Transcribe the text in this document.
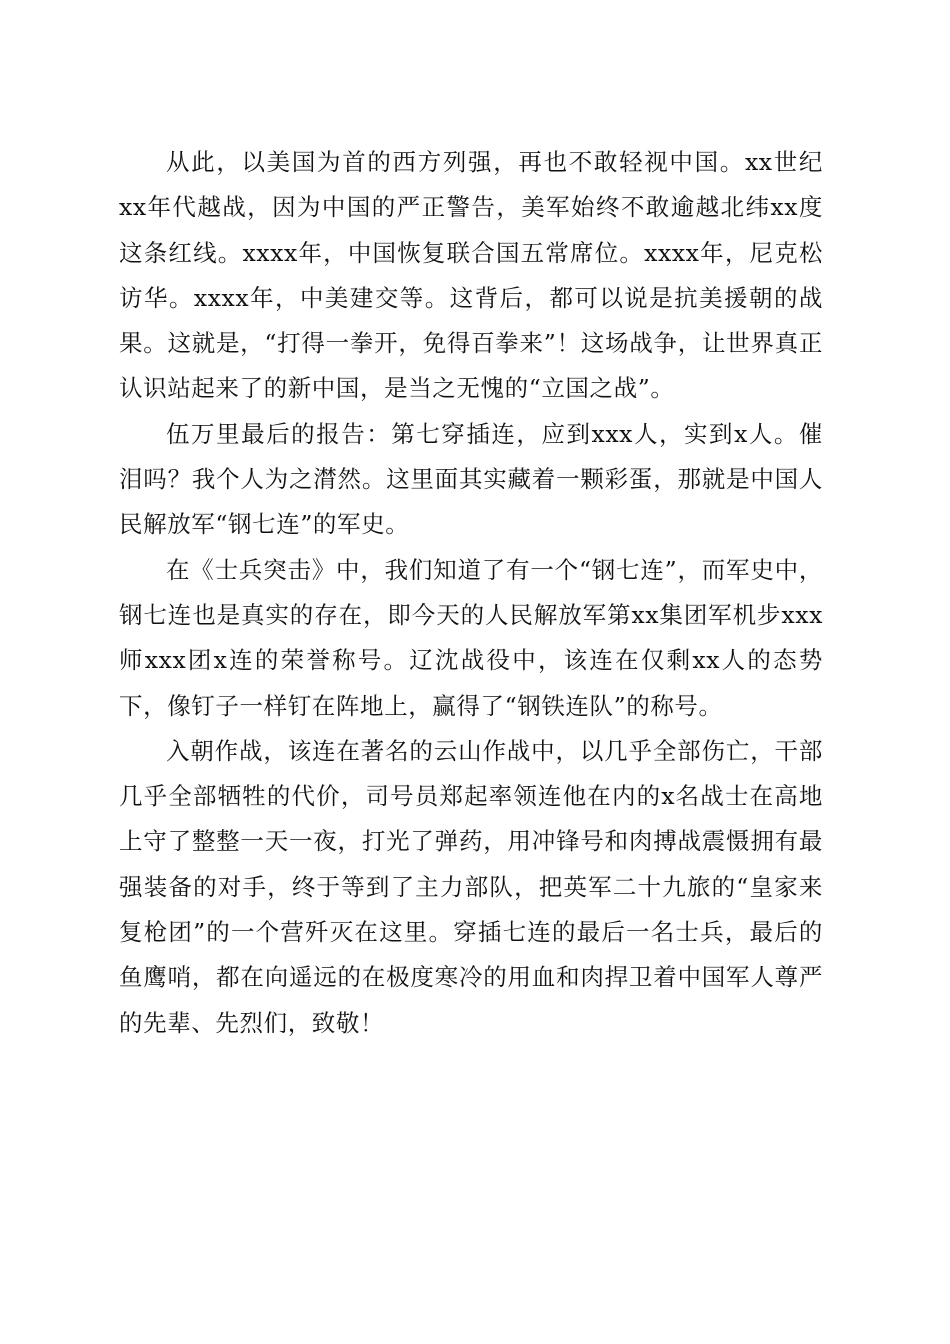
从此，以美国为首的西方列强，再也不敢轻视中国。xx世纪xx年代越战，因为中国的严正警告，美军始终不敢逾越北纬xx度这条红线。xxxx年，中国恢复联合国五常席位。xxxx年，尼克松访华。xxxx年，中美建交等。这背后，都可以说是抗美援朝的战果。这就是，“打得一拳开，免得百拳来”！这场战争，让世界真正认识站起来了的新中国，是当之无愧的“立国之战”。

伍万里最后的报告：第七穿插连，应到xxx人，实到x人。催泪吗？我个人为之潸然。这里面其实藏着一颗彩蛋，那就是中国人民解放军“钢七连”的军史。

在《士兵突击》中，我们知道了有一个“钢七连”，而军史中，钢七连也是真实的存在，即今天的人民解放军第xx集团军机步xxx师xxx团x连的荣誉称号。辽沈战役中，该连在仅剩xx人的态势下，像钉子一样钉在阵地上，赢得了“钢铁连队”的称号。

入朝作战，该连在著名的云山作战中，以几乎全部伤亡，干部几乎全部牺牲的代价，司号员郑起率领连他在内的x名战士在高地上守了整整一天一夜，打光了弹药，用冲锋号和肉搏战震慑拥有最强装备的对手，终于等到了主力部队，把英军二十九旅的“皇家来复枪团”的一个营歼灭在这里。穿插七连的最后一名士兵，最后的鱼鹰哨，都在向遥远的在极度寒冷的用血和肉捍卫着中国军人尊严的先辈、先烈们，致敬！
